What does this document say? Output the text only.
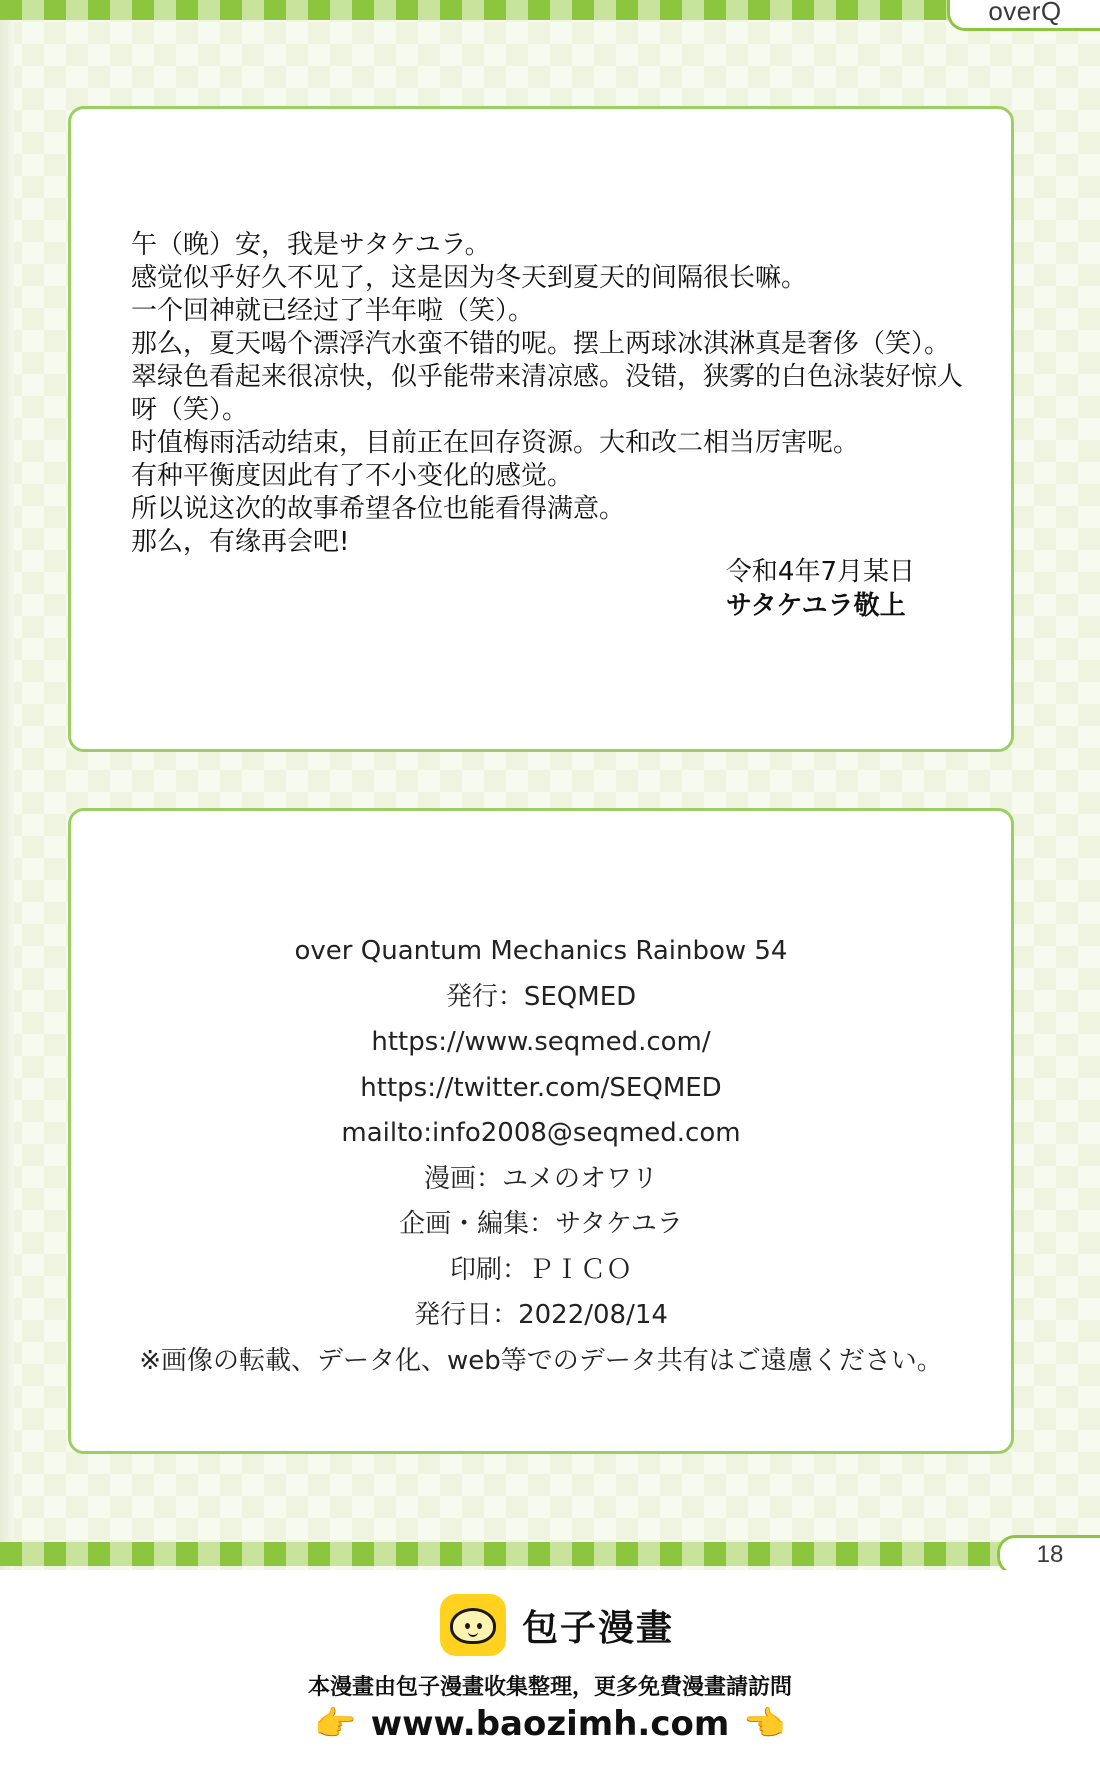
overQ
午（晚）安，我是サタケユラ。
感觉似乎好久不见了，这是因为冬天到夏天的间隔很长嘛。
一个回神就已经过了半年啦（笑）。
那么，夏天喝个漂浮汽水蛮不错的呢。摆上两球冰淇淋真是奢侈（笑）。
翠绿色看起来很凉快，似乎能带来清凉感。没错，狭雾的白色泳装好惊人
呀（笑）。
时值梅雨活动结束，目前正在回存资源。大和改二相当厉害呢。
有种平衡度因此有了不小变化的感觉。
所以说这次的故事希望各位也能看得满意。
那么，有缘再会吧!
令和4年7月某日
サタケユラ敬上
over Quantum Mechanics Rainbow 54
発行：SEQMED
https://www.seqmed.com/
https://twitter.com/SEQMED
mailto:info2008@seqmed.com
漫画：ユメのオワリ
企画・編集：サタケユラ
印刷：ＰＩＣＯ
発行日：2022/08/14
※画像の転載、データ化、web等でのデータ共有はご遠慮ください。
18
包子漫畫
本漫畫由包子漫畫收集整理，更多免費漫畫請訪問
👉 www.baozimh.com 👈
